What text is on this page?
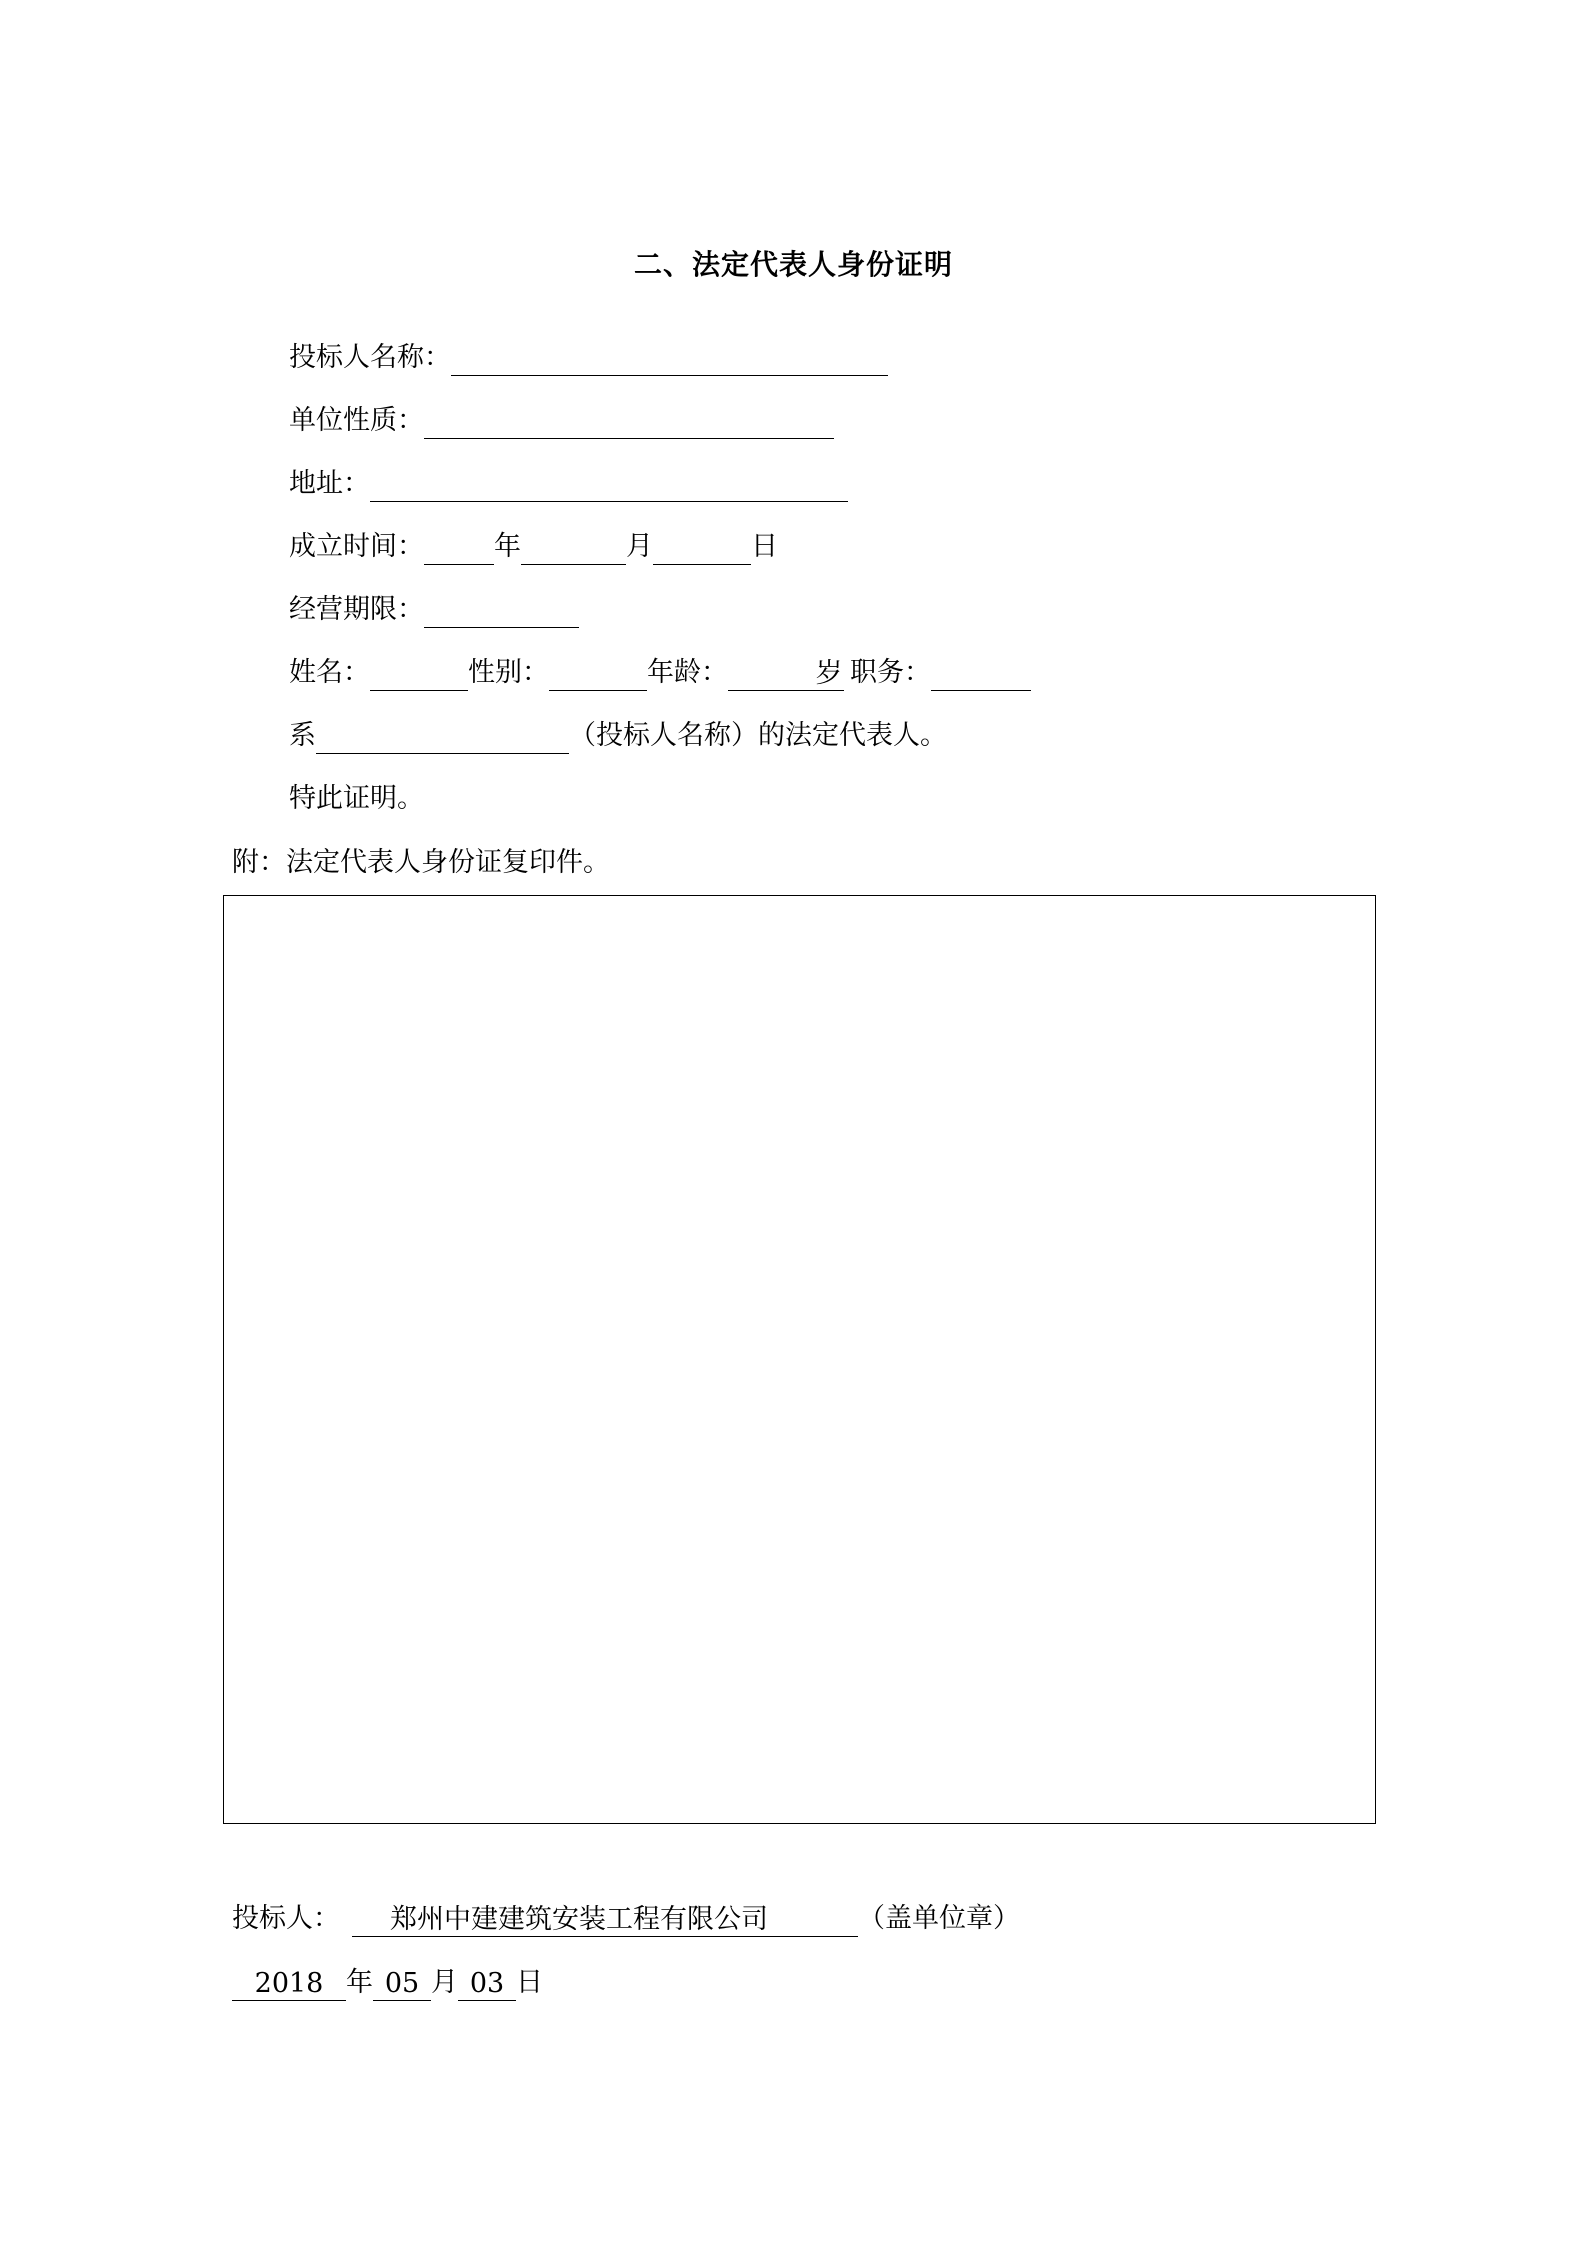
二、法定代表人身份证明
投标人名称：
单位性质：
地址：
成立时间：	年	月	日
经营期限：
姓名：	性别：	年龄：	岁 职务：
系	（投标人名称）的法定代表人。
特此证明。
附：法定代表人身份证复印件。
投标人： 郑州中建建筑安装工程有限公司	（盖单位章）
2018 年 05 月 03 日
